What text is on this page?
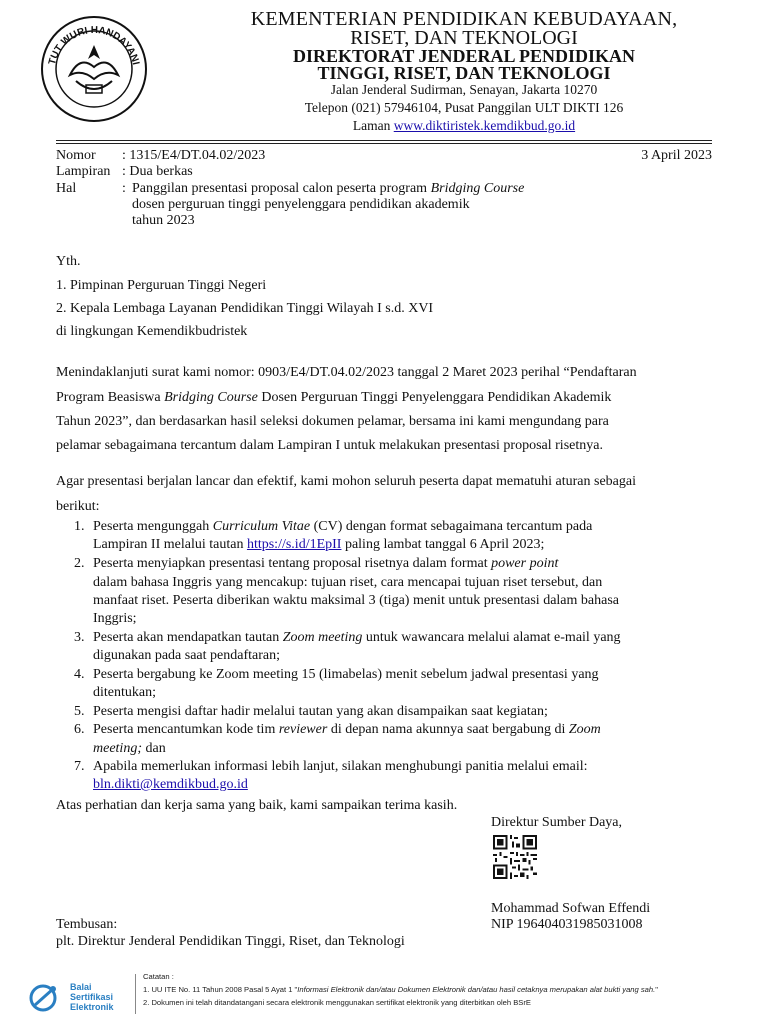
TUT WURI HANDAYANI
KEMENTERIAN PENDIDIKAN KEBUDAYAAN,
RISET, DAN TEKNOLOGI
DIREKTORAT JENDERAL PENDIDIKAN
TINGGI, RISET, DAN TEKNOLOGI
Jalan Jenderal Sudirman, Senayan, Jakarta 10270
Telepon (021) 57946104, Pusat Panggilan ULT DIKTI 126
Laman www.diktiristek.kemdikbud.go.id
Nomor : 1315/E4/DT.04.02/2023	3 April 2023
Lampiran : Dua berkas
Hal	: Panggilan presentasi proposal calon peserta program Bridging Course
dosen perguruan tinggi penyelenggara pendidikan akademik
tahun 2023
Yth.
1. Pimpinan Perguruan Tinggi Negeri
2. Kepala Lembaga Layanan Pendidikan Tinggi Wilayah I s.d. XVI
di lingkungan Kemendikbudristek
Menindaklanjuti surat kami nomor: 0903/E4/DT.04.02/2023 tanggal 2 Maret 2023 perihal “Pendaftaran
Program Beasiswa Bridging Course Dosen Perguruan Tinggi Penyelenggara Pendidikan Akademik
Tahun 2023”, dan berdasarkan hasil seleksi dokumen pelamar, bersama ini kami mengundang para
pelamar sebagaimana tercantum dalam Lampiran I untuk melakukan presentasi proposal risetnya.
Agar presentasi berjalan lancar dan efektif, kami mohon seluruh peserta dapat mematuhi aturan sebagai
berikut:
1. Peserta mengunggah Curriculum Vitae (CV) dengan format sebagaimana tercantum pada
Lampiran II melalui tautan https://s.id/1EpII paling lambat tanggal 6 April 2023;
2. Peserta menyiapkan presentasi tentang proposal risetnya dalam format power point
dalam bahasa Inggris yang mencakup: tujuan riset, cara mencapai tujuan riset tersebut, dan
manfaat riset. Peserta diberikan waktu maksimal 3 (tiga) menit untuk presentasi dalam bahasa
Inggris;
3. Peserta akan mendapatkan tautan Zoom meeting untuk wawancara melalui alamat e-mail yang
digunakan pada saat pendaftaran;
4. Peserta bergabung ke Zoom meeting 15 (limabelas) menit sebelum jadwal presentasi yang
ditentukan;
5. Peserta mengisi daftar hadir melalui tautan yang akan disampaikan saat kegiatan;
6. Peserta mencantumkan kode tim reviewer di depan nama akunnya saat bergabung di Zoom
meeting; dan
7. Apabila memerlukan informasi lebih lanjut, silakan menghubungi panitia melalui email:
bln.dikti@kemdikbud.go.id
Atas perhatian dan kerja sama yang baik, kami sampaikan terima kasih.
Direktur Sumber Daya,
Mohammad Sofwan Effendi
NIP 196404031985031008
Tembusan:
plt. Direktur Jenderal Pendidikan Tinggi, Riset, dan Teknologi
Balai
Sertifikasi
Elektronik
Catatan :
1. UU ITE No. 11 Tahun 2008 Pasal 5 Ayat 1 "Informasi Elektronik dan/atau Dokumen Elektronik dan/atau hasil cetaknya merupakan alat bukti yang sah."
2. Dokumen ini telah ditandatangani secara elektronik menggunakan sertifikat elektronik yang diterbitkan oleh BSrE
